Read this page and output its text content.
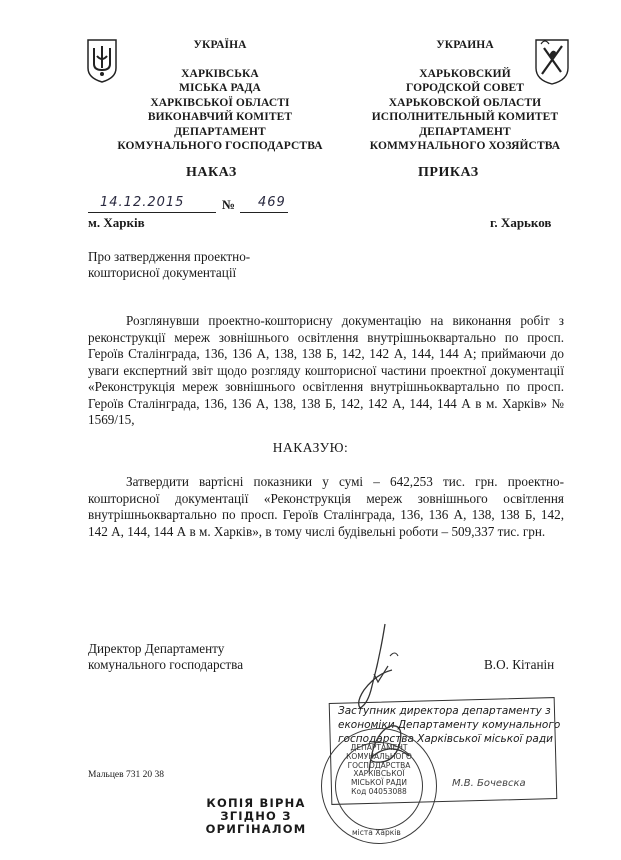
УКРАЇНА
ХАРКІВСЬКА
МІСЬКА РАДА
ХАРКІВСЬКОЇ ОБЛАСТІ
ВИКОНАВЧИЙ КОМІТЕТ
ДЕПАРТАМЕНТ
КОМУНАЛЬНОГО ГОСПОДАРСТВА
УКРАИНА
ХАРЬКОВСКИЙ
ГОРОДСКОЙ СОВЕТ
ХАРЬКОВСКОЙ ОБЛАСТИ
ИСПОЛНИТЕЛЬНЫЙ КОМИТЕТ
ДЕПАРТАМЕНТ
КОММУНАЛЬНОГО ХОЗЯЙСТВА
НАКАЗ	ПРИКАЗ
14.12.2015	№ 469
м. Харків	г. Харьков
Про затвердження проектно-
кошторисної документації

Розглянувши проектно-кошторисну документацію на виконання робіт з реконструкції мереж зовнішнього освітлення внутрішньоквартально по просп. Героїв Сталінграда, 136, 136 А, 138, 138 Б, 142, 142 А, 144, 144 А; приймаючи до уваги експертний звіт щодо розгляду кошторисної частини проектної документації «Реконструкція мереж зовнішнього освітлення внутрішньоквартально по просп. Героїв Сталінграда, 136, 136 А, 138, 138 Б, 142, 142 А, 144, 144 А в м. Харків» № 1569/15,

НАКАЗУЮ:

Затвердити вартісні показники у сумі – 642,253 тис. грн. проектно-кошторисної документації «Реконструкція мереж зовнішнього освітлення внутрішньоквартально по просп. Героїв Сталінграда, 136, 136 А, 138, 138 Б, 142, 142 А, 144, 144 А в м. Харків», в тому числі будівельні роботи – 509,337 тис. грн.

Директор Департаменту
комунального господарства	В.О. Кітанін
Заступник директора департаменту з
економіки Департаменту комунального
господарства Харківської міської ради
М.В. Бочевска
ДЕПАРТАМЕНТ
КОМУНАЛЬНОГО
ГОСПОДАРСТВА
ХАРКІВСЬКОЇ
МІСЬКОЇ РАДИ
Код 04053088
міста Харків
Мальцев 731 20 38
КОПІЯ ВІРНА
ЗГІДНО З
ОРИГІНАЛОМ
